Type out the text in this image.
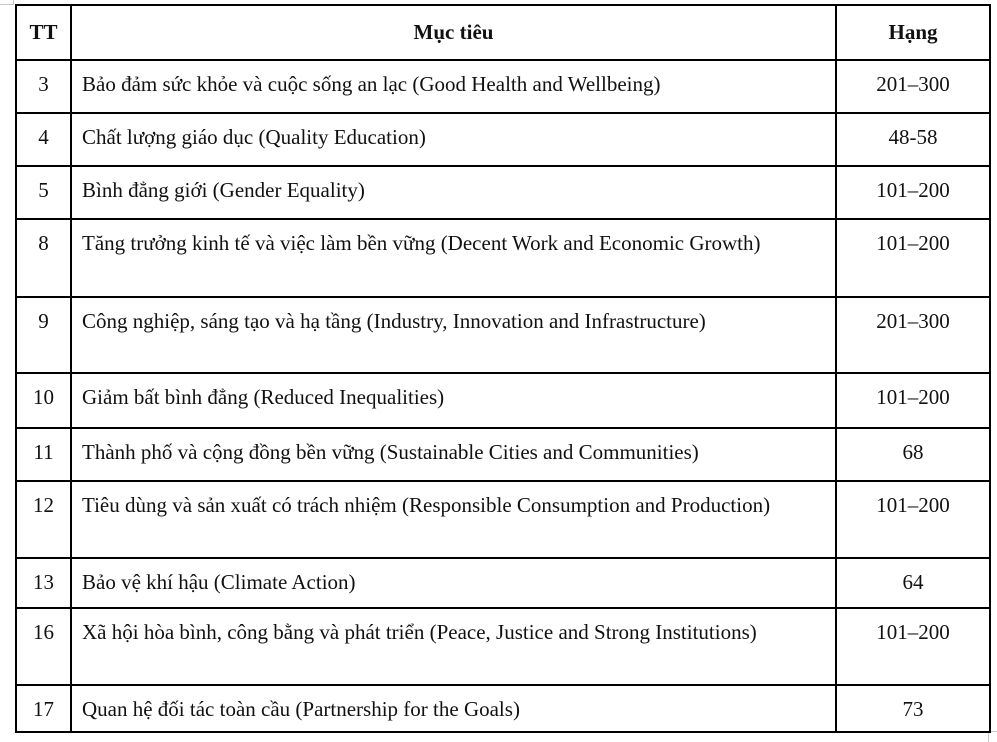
TT	Mục tiêu	Hạng
3	Bảo đảm sức khỏe và cuộc sống an lạc (Good Health and Wellbeing)	201–300
4	Chất lượng giáo dục (Quality Education)	48-58
5	Bình đẳng giới (Gender Equality)	101–200
8	Tăng trưởng kinh tế và việc làm bền vững (Decent Work and Economic Growth)	101–200
9	Công nghiệp, sáng tạo và hạ tầng (Industry, Innovation and Infrastructure)	201–300
10	Giảm bất bình đẳng (Reduced Inequalities)	101–200
11	Thành phố và cộng đồng bền vững (Sustainable Cities and Communities)	68
12	Tiêu dùng và sản xuất có trách nhiệm (Responsible Consumption and Production)	101–200
13	Bảo vệ khí hậu (Climate Action)	64
16	Xã hội hòa bình, công bằng và phát triển (Peace, Justice and Strong Institutions)	101–200
17	Quan hệ đối tác toàn cầu (Partnership for the Goals)	73
